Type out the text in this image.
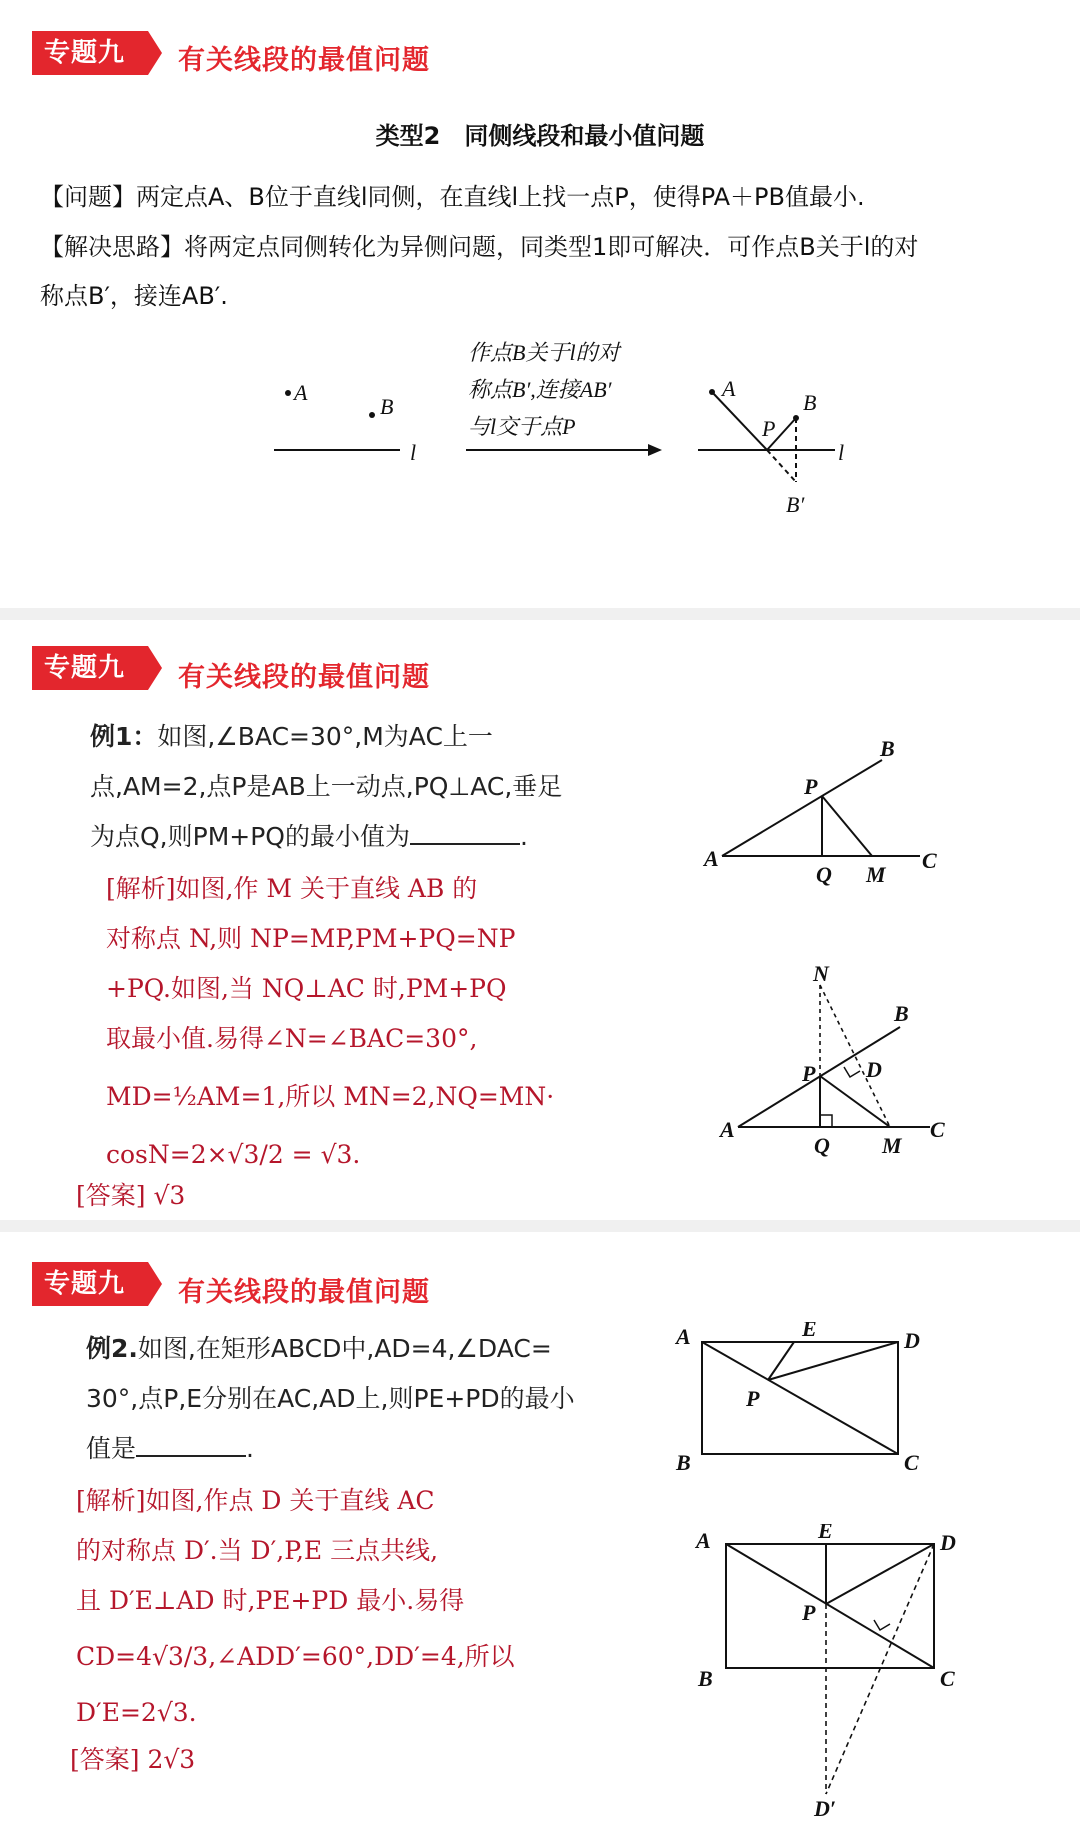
专题九 有关线段的最值问题
类型2　同侧线段和最小值问题
【问题】两定点A、B位于直线l同侧，在直线l上找一点P，使得PA＋PB值最小.
【解决思路】将两定点同侧转化为异侧问题，同类型1即可解决．可作点B关于l的对
称点B′，接连AB′.
A
B
l
作点B关于l的对
称点B′,连接AB′
与l交于点P
A
B
P
B′
l
专题九 有关线段的最值问题
例1：如图,∠BAC=30°,M为AC上一
点,AM=2,点P是AB上一动点,PQ⊥AC,垂足
为点Q,则PM+PQ的最小值为	.
[解析]如图,作 M 关于直线 AB 的
对称点 N,则 NP=MP,PM+PQ=NP
+PQ.如图,当 NQ⊥AC 时,PM+PQ
取最小值.易得∠N=∠BAC=30°,
MD=½AM=1,所以 MN=2,NQ=MN·
cosN=2×√3/2 = √3.
[答案] √3
A
B
P
Q M
C
N
B
D
P
A
Q M
C
专题九 有关线段的最值问题
例2.如图,在矩形ABCD中,AD=4,∠DAC=
30°,点P,E分别在AC,AD上,则PE+PD的最小
值是	.
[解析]如图,作点 D 关于直线 AC
的对称点 D′.当 D′,P,E 三点共线,
且 D′E⊥AD 时,PE+PD 最小.易得
CD=4√3/3,∠ADD′=60°,DD′=4,所以
D′E=2√3.
[答案] 2√3
A	E	D
P
B	C
A	E	D
P
B	C
D′
